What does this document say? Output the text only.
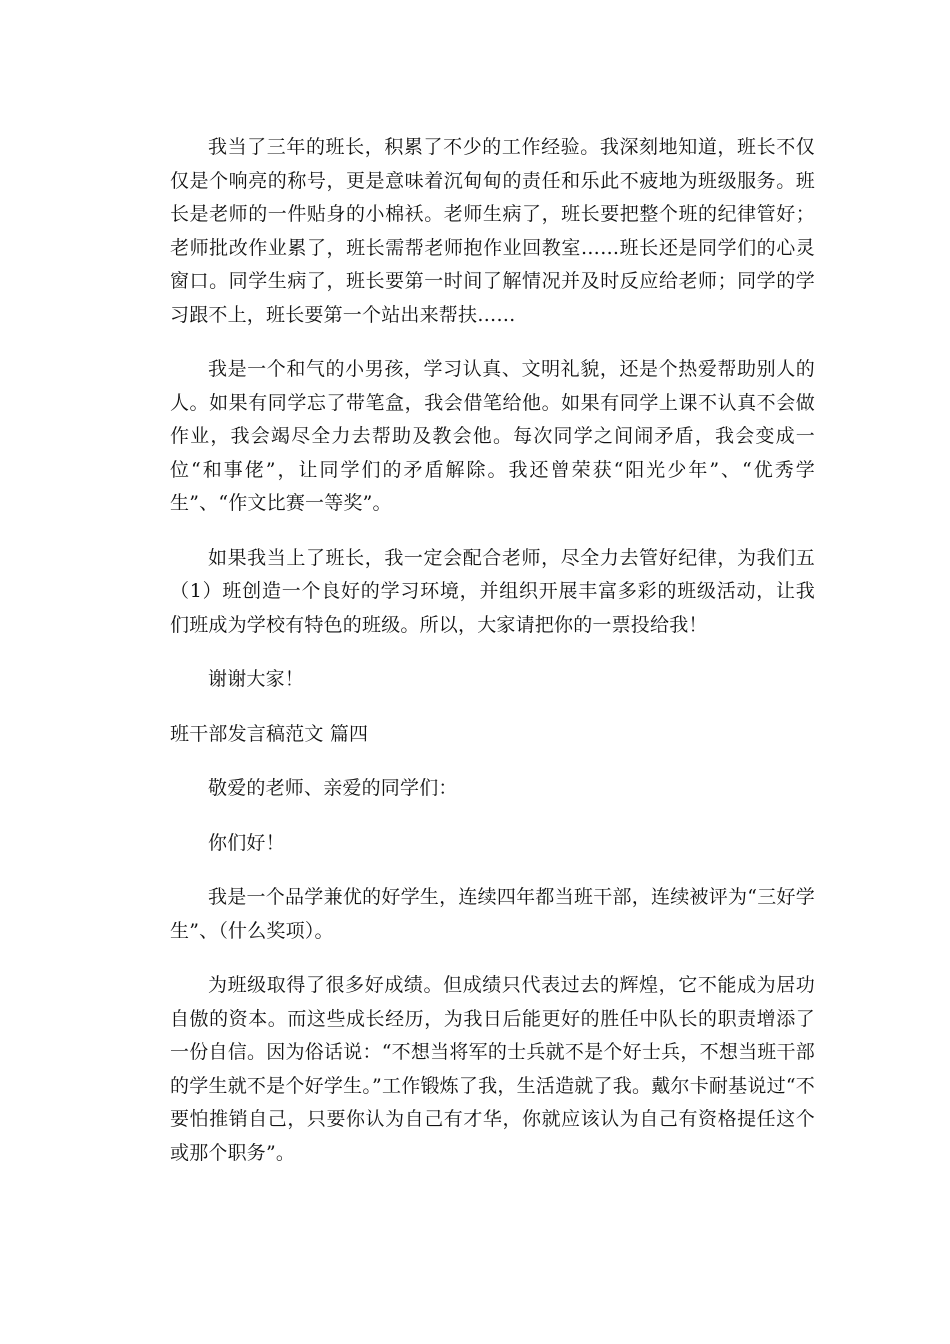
我当了三年的班长，积累了不少的工作经验。我深刻地知道，班长不仅仅是个响亮的称号，更是意味着沉甸甸的责任和乐此不疲地为班级服务。班长是老师的一件贴身的小棉袄。老师生病了，班长要把整个班的纪律管好；老师批改作业累了，班长需帮老师抱作业回教室……班长还是同学们的心灵窗口。同学生病了，班长要第一时间了解情况并及时反应给老师；同学的学习跟不上，班长要第一个站出来帮扶……

我是一个和气的小男孩，学习认真、文明礼貌，还是个热爱帮助别人的人。如果有同学忘了带笔盒，我会借笔给他。如果有同学上课不认真不会做作业，我会竭尽全力去帮助及教会他。每次同学之间闹矛盾，我会变成一位“和事佬”，让同学们的矛盾解除。我还曾荣获“阳光少年”、“优秀学生”、“作文比赛一等奖”。

如果我当上了班长，我一定会配合老师，尽全力去管好纪律，为我们五（1）班创造一个良好的学习环境，并组织开展丰富多彩的班级活动，让我们班成为学校有特色的班级。所以，大家请把你的一票投给我！

谢谢大家！

班干部发言稿范文 篇四

敬爱的老师、亲爱的同学们：

你们好！

我是一个品学兼优的好学生，连续四年都当班干部，连续被评为“三好学生”、（什么奖项）。

为班级取得了很多好成绩。但成绩只代表过去的辉煌，它不能成为居功自傲的资本。而这些成长经历，为我日后能更好的胜任中队长的职责增添了一份自信。因为俗话说：“不想当将军的士兵就不是个好士兵，不想当班干部的学生就不是个好学生。”工作锻炼了我，生活造就了我。戴尔卡耐基说过“不要怕推销自己，只要你认为自己有才华，你就应该认为自己有资格提任这个或那个职务”。
